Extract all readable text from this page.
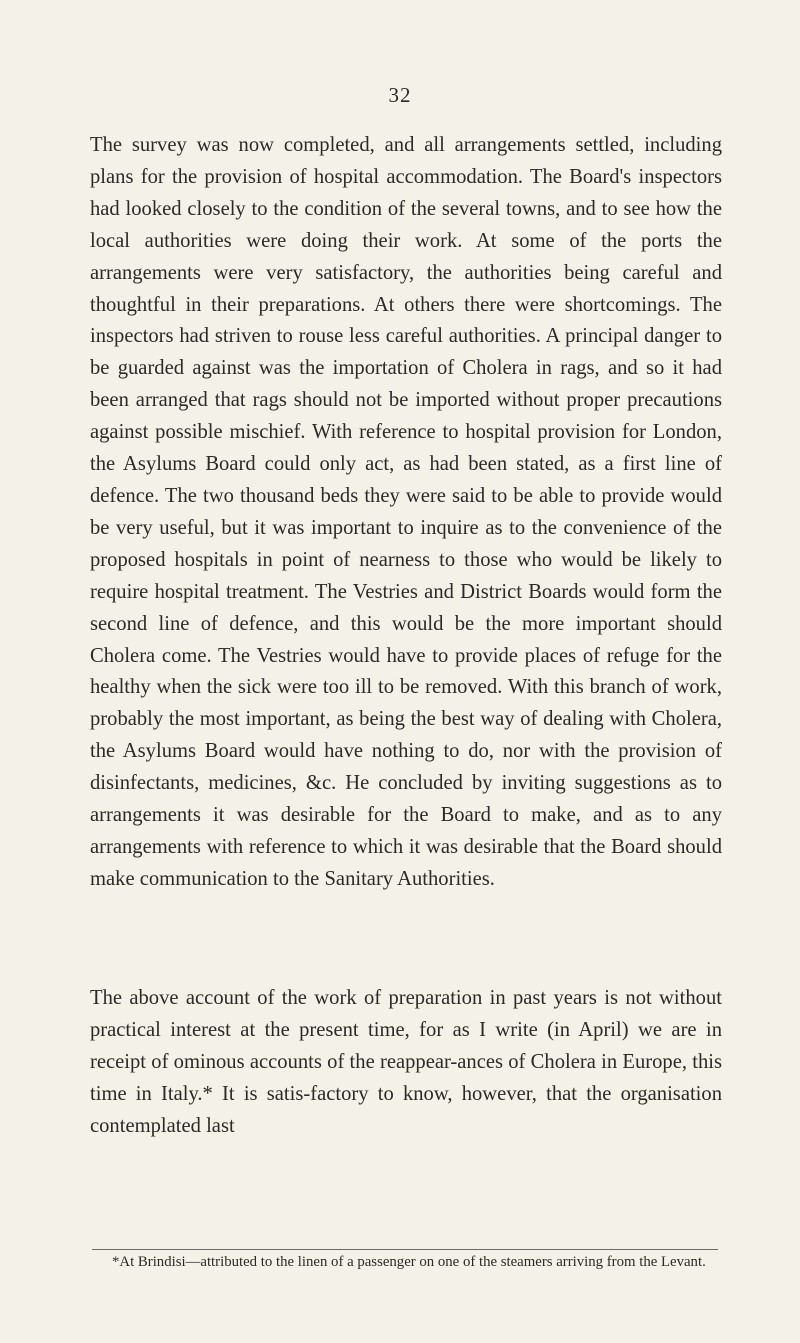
32

The survey was now completed, and all arrangements settled, including plans for the provision of hospital accommodation. The Board's inspectors had looked closely to the condition of the several towns, and to see how the local authorities were doing their work. At some of the ports the arrangements were very satisfactory, the authorities being careful and thoughtful in their preparations. At others there were shortcomings. The inspectors had striven to rouse less careful authorities. A principal danger to be guarded against was the importation of Cholera in rags, and so it had been arranged that rags should not be imported without proper precautions against possible mischief. With reference to hospital provision for London, the Asylums Board could only act, as had been stated, as a first line of defence. The two thousand beds they were said to be able to provide would be very useful, but it was important to inquire as to the convenience of the proposed hospitals in point of nearness to those who would be likely to require hospital treatment. The Vestries and District Boards would form the second line of defence, and this would be the more important should Cholera come. The Vestries would have to provide places of refuge for the healthy when the sick were too ill to be removed. With this branch of work, probably the most important, as being the best way of dealing with Cholera, the Asylums Board would have nothing to do, nor with the provision of disinfectants, medicines, &c. He concluded by inviting suggestions as to arrangements it was desirable for the Board to make, and as to any arrangements with reference to which it was desirable that the Board should make communication to the Sanitary Authorities.

The above account of the work of preparation in past years is not without practical interest at the present time, for as I write (in April) we are in receipt of ominous accounts of the reappear-ances of Cholera in Europe, this time in Italy.* It is satis-factory to know, however, that the organisation contemplated last

*At Brindisi—attributed to the linen of a passenger on one of the steamers arriving from the Levant.
